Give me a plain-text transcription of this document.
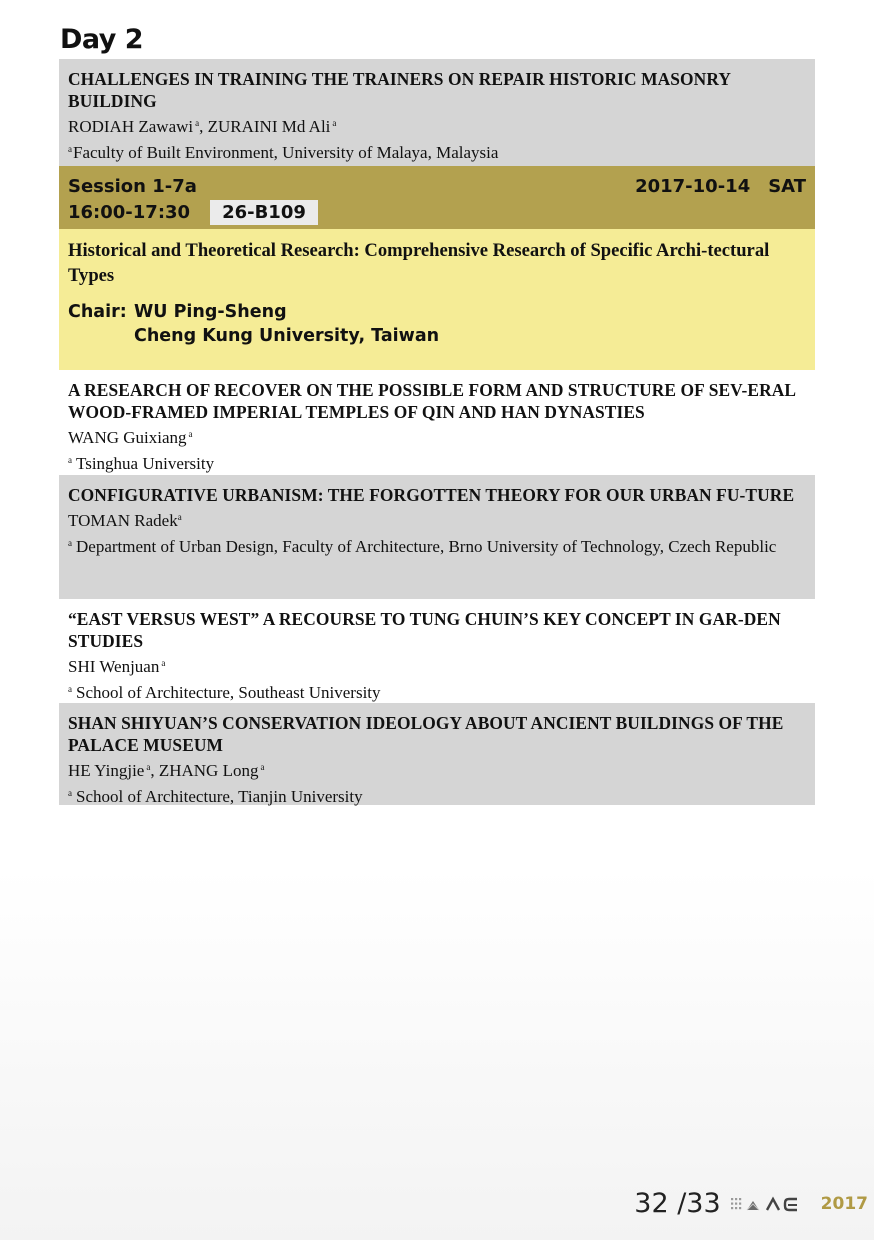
Day 2
CHALLENGES IN TRAINING THE TRAINERS ON REPAIR HISTORIC MASONRY BUILDING
RODIAH Zawawi $^a$, ZURAINI Md Ali $^a$
$^a$Faculty of Built Environment, University of Malaya, Malaysia
Session 1-7a	2017-10-14 SAT
16:00-17:30	26-B109
Historical and Theoretical Research: Comprehensive Research of Specific Archi-tectural Types
Chair: WU Ping-Sheng
Cheng Kung University, Taiwan
A RESEARCH OF RECOVER ON THE POSSIBLE FORM AND STRUCTURE OF SEV-ERAL WOOD-FRAMED IMPERIAL TEMPLES OF QIN AND HAN DYNASTIES
WANG Guixiang $^a$
$^a$ Tsinghua University
CONFIGURATIVE URBANISM: THE FORGOTTEN THEORY FOR OUR URBAN FU-TURE
TOMAN Radek$^a$
$^a$ Department of Urban Design, Faculty of Architecture, Brno University of Technology, Czech Republic
“EAST VERSUS WEST” A RECOURSE TO TUNG CHUIN’S KEY CONCEPT IN GAR-DEN STUDIES
SHI Wenjuan $^a$
$^a$ School of Architecture, Southeast University
SHAN SHIYUAN’S CONSERVATION IDEOLOGY ABOUT ANCIENT BUILDINGS OF THE PALACE MUSEUM
HE Yingjie $^a$, ZHANG Long $^a$
$^a$ School of Architecture, Tianjin University
32 /33	2017
